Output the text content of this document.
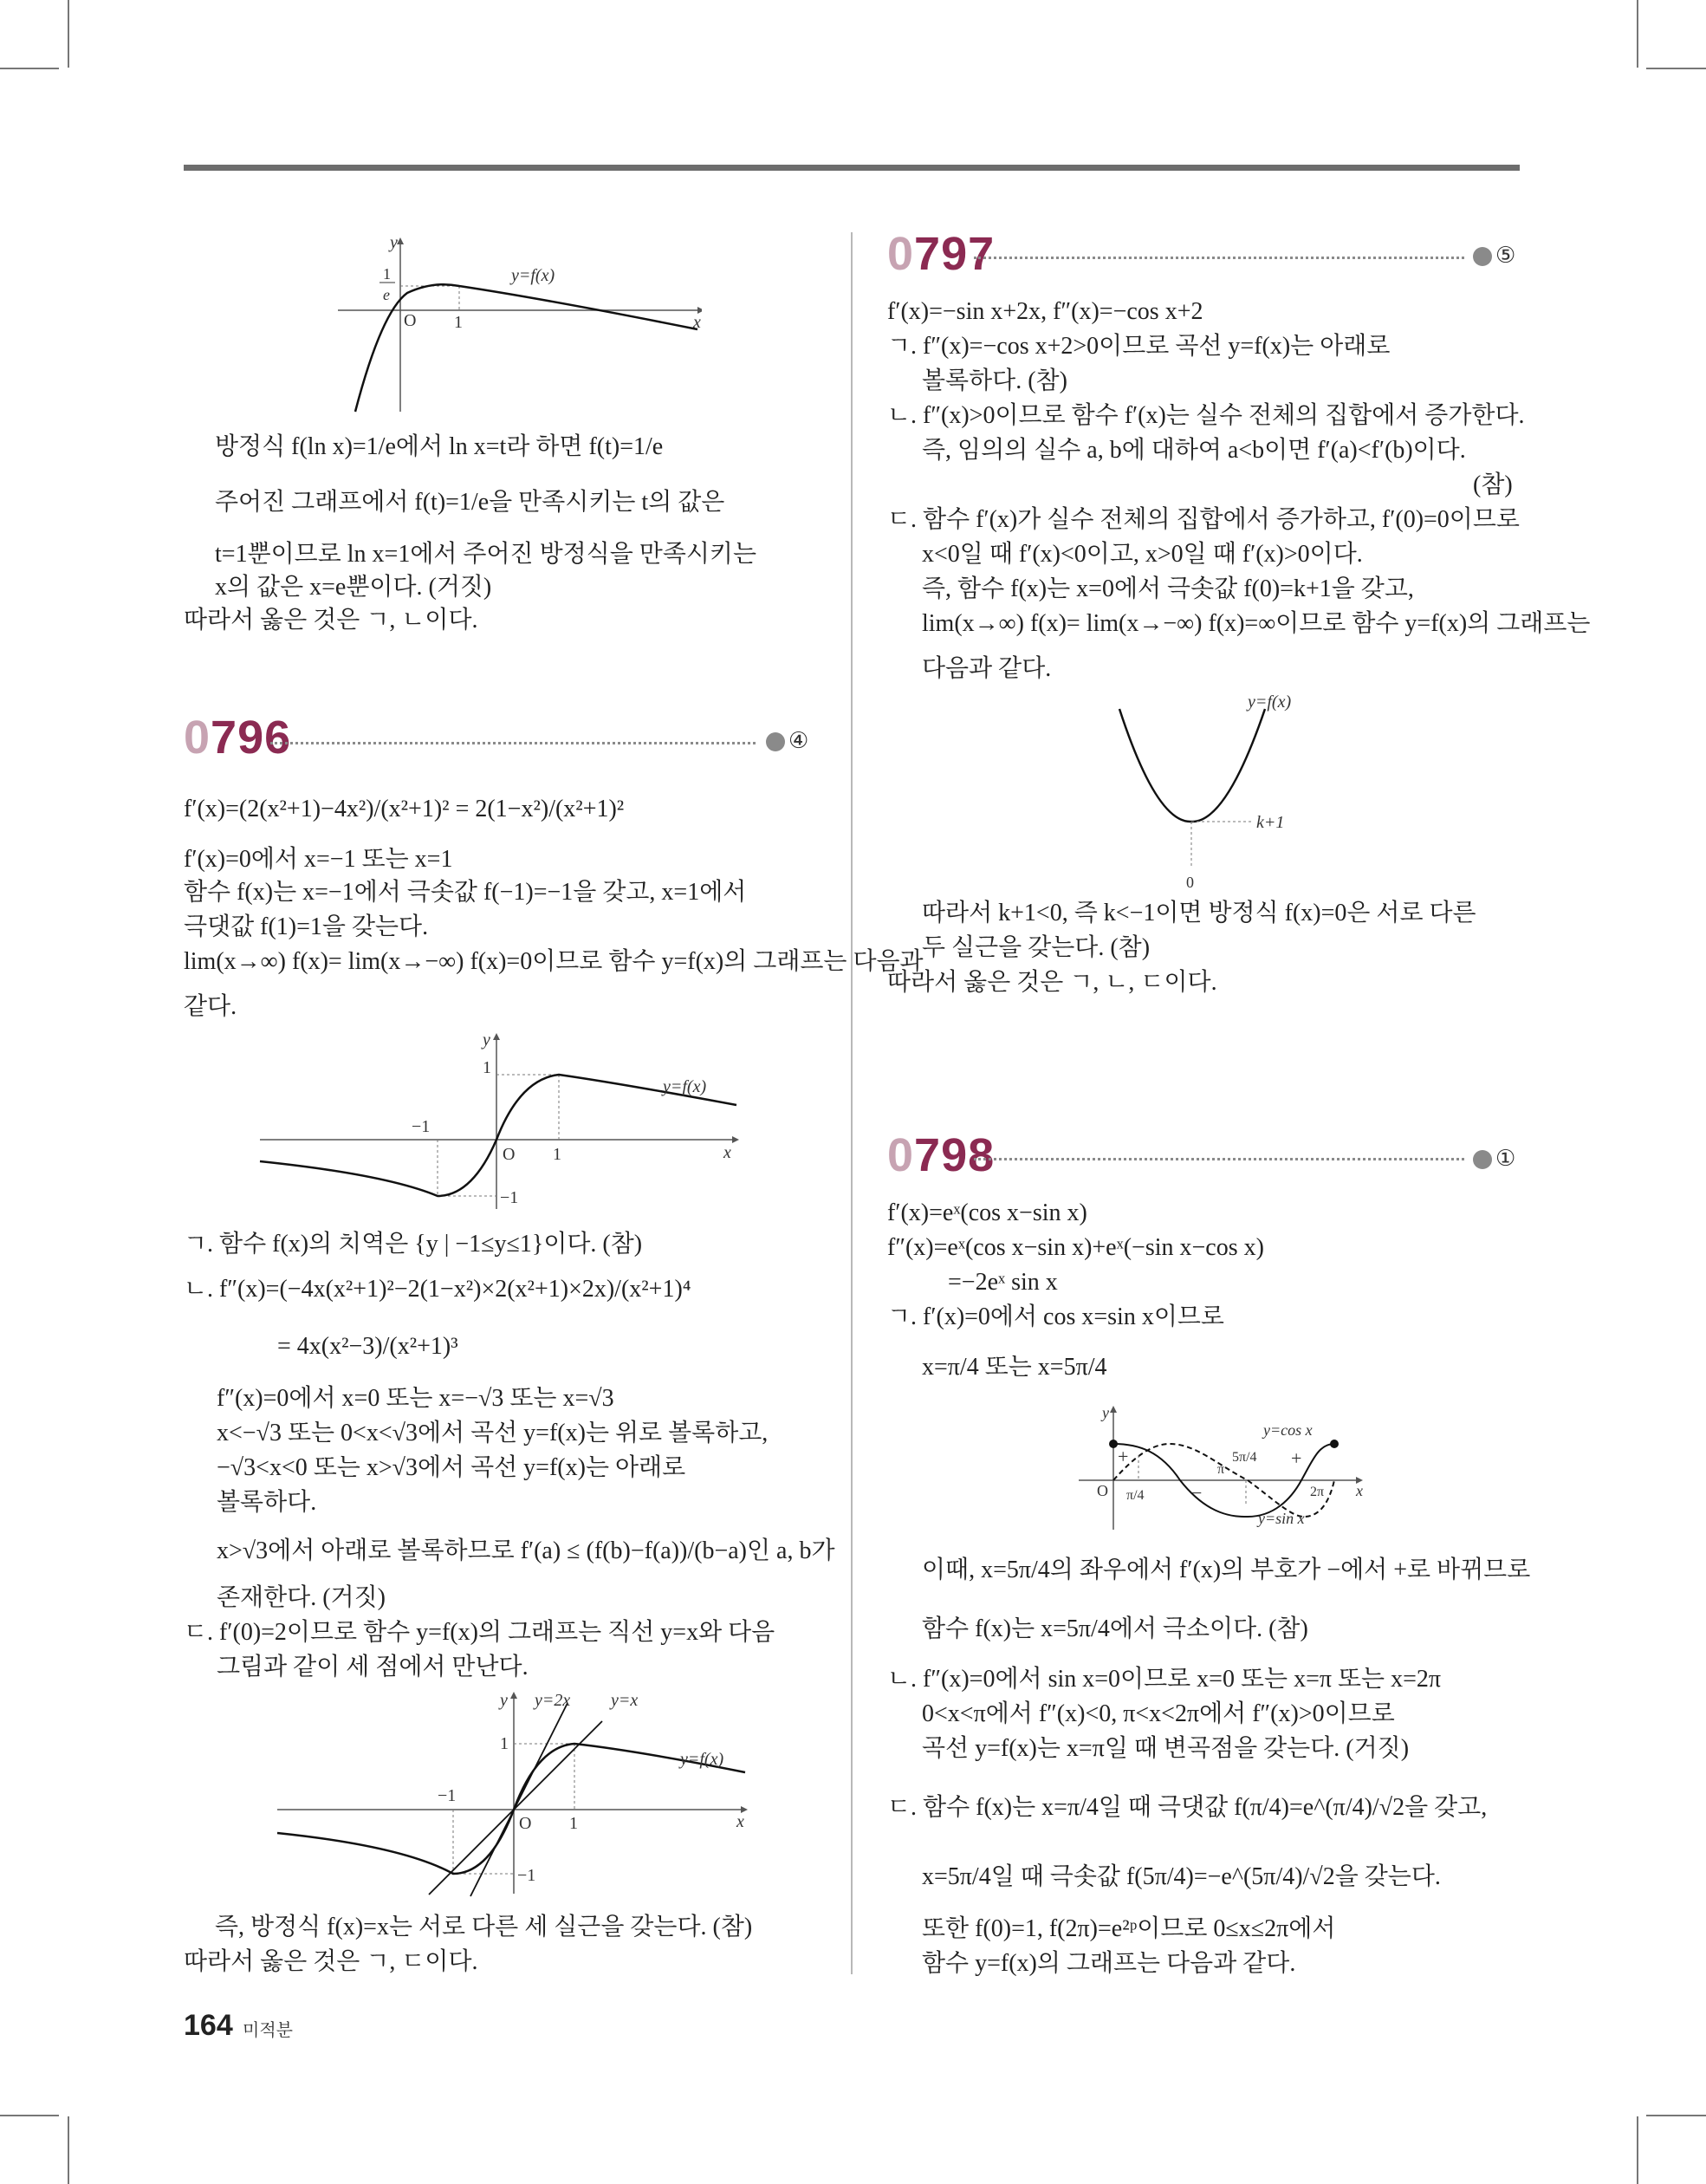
y
x
O 1
1
e
y=f(x)
방정식 f(ln x)=1/e에서 ln x=t라 하면 f(t)=1/e
주어진 그래프에서 f(t)=1/e을 만족시키는 t의 값은
t=1뿐이므로 ln x=1에서 주어진 방정식을 만족시키는
x의 값은 x=e뿐이다. (거짓)
따라서 옳은 것은 ㄱ, ㄴ이다.
0796	④
f′(x)=(2(x²+1)−4x²)/(x²+1)² = 2(1−x²)/(x²+1)²
f′(x)=0에서 x=−1 또는 x=1
함수 f(x)는 x=−1에서 극솟값 f(−1)=−1을 갖고, x=1에서
극댓값 f(1)=1을 갖는다.
lim(x→∞) f(x)= lim(x→−∞) f(x)=0이므로 함수 y=f(x)의 그래프는 다음과
같다.
y
x
O 1
−1
1
−1
y=f(x)
ㄱ. 함수 f(x)의 치역은 {y | −1≤y≤1}이다. (참)
ㄴ. f″(x)=(−4x(x²+1)²−2(1−x²)×2(x²+1)×2x)/(x²+1)⁴
= 4x(x²−3)/(x²+1)³
f″(x)=0에서 x=0 또는 x=−√3 또는 x=√3
x<−√3 또는 0<x<√3에서 곡선 y=f(x)는 위로 볼록하고,
−√3<x<0 또는 x>√3에서 곡선 y=f(x)는 아래로
볼록하다.
x>√3에서 아래로 볼록하므로 f′(a) ≤ (f(b)−f(a))/(b−a)인 a, b가
존재한다. (거짓)
ㄷ. f′(0)=2이므로 함수 y=f(x)의 그래프는 직선 y=x와 다음
그림과 같이 세 점에서 만난다.
y
x
O 1
−1
1
−1
y=f(x)
y=2x y=x
즉, 방정식 f(x)=x는 서로 다른 세 실근을 갖는다. (참)
따라서 옳은 것은 ㄱ, ㄷ이다.
0797	⑤
f′(x)=−sin x+2x, f″(x)=−cos x+2
ㄱ. f″(x)=−cos x+2>0이므로 곡선 y=f(x)는 아래로
볼록하다. (참)
ㄴ. f″(x)>0이므로 함수 f′(x)는 실수 전체의 집합에서 증가한다.
즉, 임의의 실수 a, b에 대하여 a<b이면 f′(a)<f′(b)이다.
(참)
ㄷ. 함수 f′(x)가 실수 전체의 집합에서 증가하고, f′(0)=0이므로
x<0일 때 f′(x)<0이고, x>0일 때 f′(x)>0이다.
즉, 함수 f(x)는 x=0에서 극솟값 f(0)=k+1을 갖고,
lim(x→∞) f(x)= lim(x→−∞) f(x)=∞이므로 함수 y=f(x)의 그래프는
다음과 같다.
y=f(x)
k+1
0
따라서 k+1<0, 즉 k<−1이면 방정식 f(x)=0은 서로 다른
두 실근을 갖는다. (참)
따라서 옳은 것은 ㄱ, ㄴ, ㄷ이다.
0798	①
f′(x)=eˣ(cos x−sin x)
f″(x)=eˣ(cos x−sin x)+eˣ(−sin x−cos x)
=−2eˣ sin x
ㄱ. f′(x)=0에서 cos x=sin x이므로
x=π/4 또는 x=5π/4
y
x
O π/4
π
5π/4
2π
y=cos x
y=sin x
+
−
+
이때, x=5π/4의 좌우에서 f′(x)의 부호가 −에서 +로 바뀌므로
함수 f(x)는 x=5π/4에서 극소이다. (참)
ㄴ. f″(x)=0에서 sin x=0이므로 x=0 또는 x=π 또는 x=2π
0<x<π에서 f″(x)<0, π<x<2π에서 f″(x)>0이므로
곡선 y=f(x)는 x=π일 때 변곡점을 갖는다. (거짓)
ㄷ. 함수 f(x)는 x=π/4일 때 극댓값 f(π/4)=e^(π/4)/√2을 갖고,
x=5π/4일 때 극솟값 f(5π/4)=−e^(5π/4)/√2을 갖는다.
또한 f(0)=1, f(2π)=e²ᵖ이므로 0≤x≤2π에서
함수 y=f(x)의 그래프는 다음과 같다.
164 미적분
